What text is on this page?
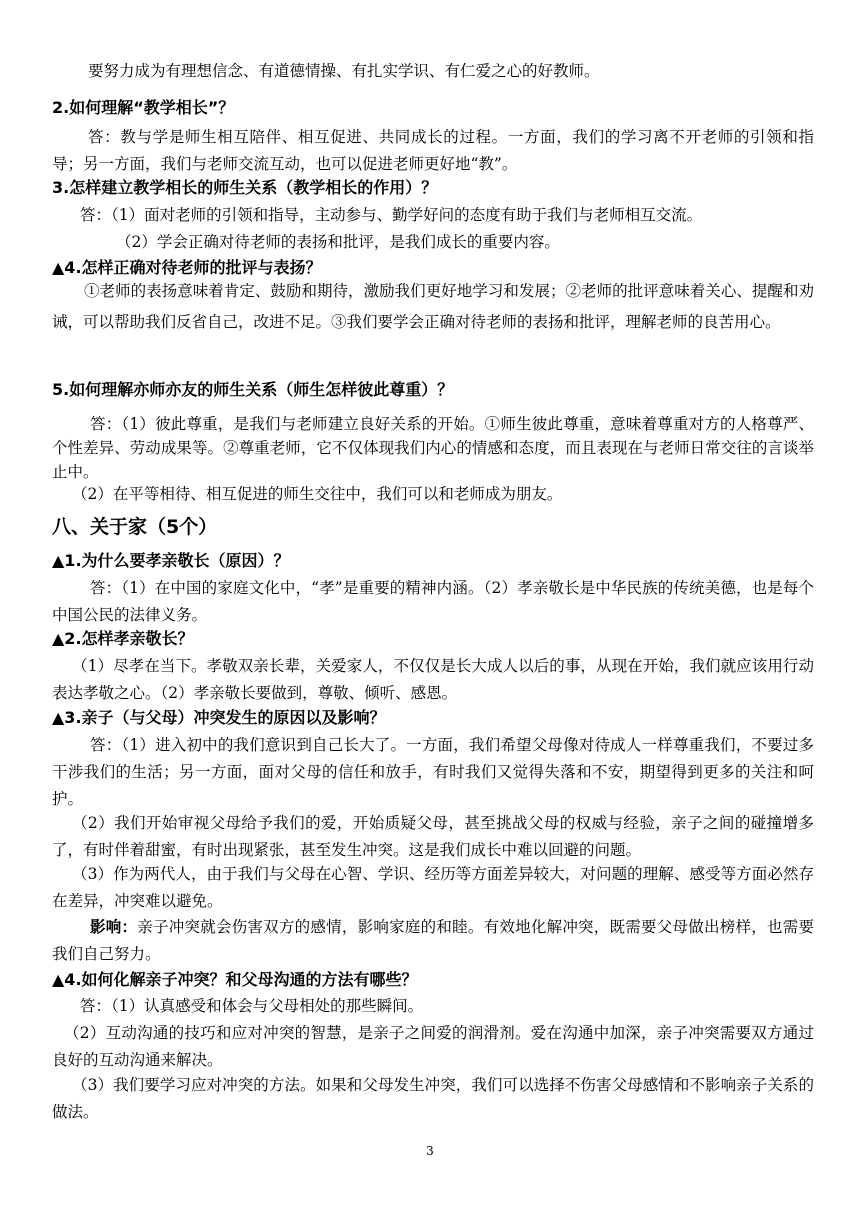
要努力成为有理想信念、有道德情操、有扎实学识、有仁爱之心的好教师。

2.如何理解“教学相长”？

答：教与学是师生相互陪伴、相互促进、共同成长的过程。一方面，我们的学习离不开老师的引领和指导；另一方面，我们与老师交流互动，也可以促进老师更好地“教”。

3.怎样建立教学相长的师生关系（教学相长的作用）？

答：（1）面对老师的引领和指导，主动参与、勤学好问的态度有助于我们与老师相互交流。

（2）学会正确对待老师的表扬和批评，是我们成长的重要内容。

▲4.怎样正确对待老师的批评与表扬？

①老师的表扬意味着肯定、鼓励和期待，激励我们更好地学习和发展；②老师的批评意味着关心、提醒和劝诫，可以帮助我们反省自己，改进不足。③我们要学会正确对待老师的表扬和批评，理解老师的良苦用心。

5.如何理解亦师亦友的师生关系（师生怎样彼此尊重）？

答：（1）彼此尊重，是我们与老师建立良好关系的开始。①师生彼此尊重，意味着尊重对方的人格尊严、个性差异、劳动成果等。②尊重老师，它不仅体现我们内心的情感和态度，而且表现在与老师日常交往的言谈举止中。

（2）在平等相待、相互促进的师生交往中，我们可以和老师成为朋友。

八、关于家（5个）

▲1.为什么要孝亲敬长（原因）？

答：（1）在中国的家庭文化中，“孝”是重要的精神内涵。（2）孝亲敬长是中华民族的传统美德，也是每个中国公民的法律义务。

▲2.怎样孝亲敬长？

（1）尽孝在当下。孝敬双亲长辈，关爱家人，不仅仅是长大成人以后的事，从现在开始，我们就应该用行动表达孝敬之心。（2）孝亲敬长要做到，尊敬、倾听、感恩。

▲3.亲子（与父母）冲突发生的原因以及影响？

答：（1）进入初中的我们意识到自己长大了。一方面，我们希望父母像对待成人一样尊重我们，不要过多干涉我们的生活；另一方面，面对父母的信任和放手，有时我们又觉得失落和不安，期望得到更多的关注和呵护。

（2）我们开始审视父母给予我们的爱，开始质疑父母，甚至挑战父母的权威与经验，亲子之间的碰撞增多了，有时伴着甜蜜，有时出现紧张，甚至发生冲突。这是我们成长中难以回避的问题。

（3）作为两代人，由于我们与父母在心智、学识、经历等方面差异较大，对问题的理解、感受等方面必然存在差异，冲突难以避免。

影响：亲子冲突就会伤害双方的感情，影响家庭的和睦。有效地化解冲突，既需要父母做出榜样，也需要我们自己努力。

▲4.如何化解亲子冲突？和父母沟通的方法有哪些？

答：（1）认真感受和体会与父母相处的那些瞬间。

（2）互动沟通的技巧和应对冲突的智慧，是亲子之间爱的润滑剂。爱在沟通中加深，亲子冲突需要双方通过良好的互动沟通来解决。

（3）我们要学习应对冲突的方法。如果和父母发生冲突，我们可以选择不伤害父母感情和不影响亲子关系的做法。

3
